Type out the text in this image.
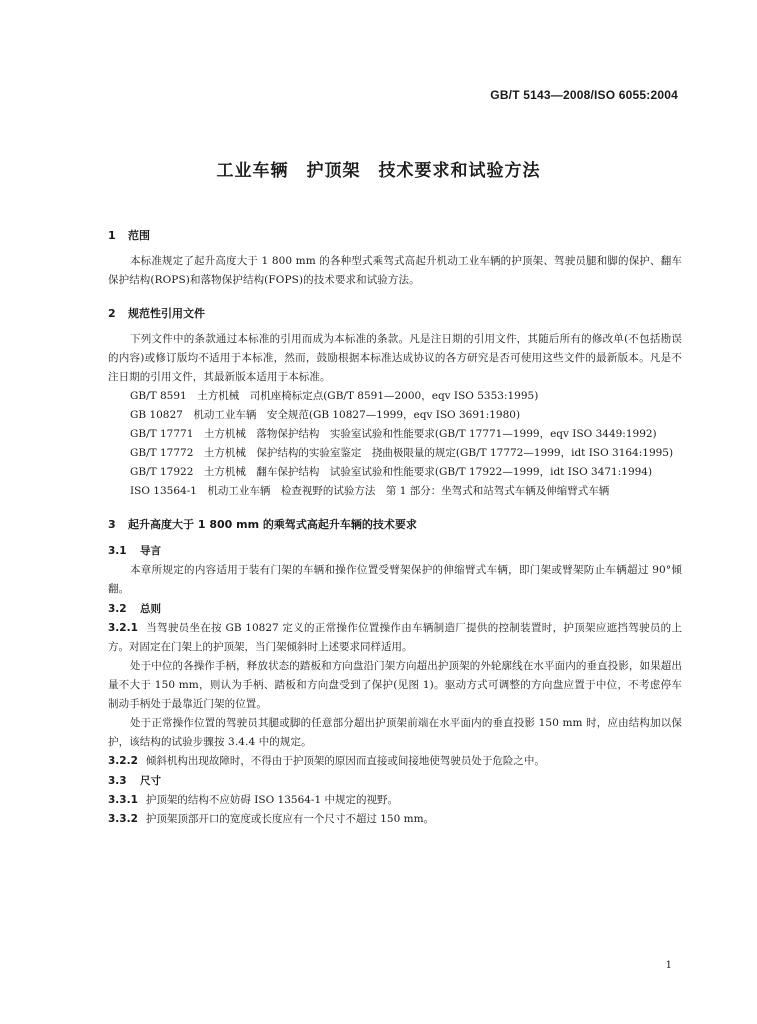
GB/T 5143—2008/ISO 6055:2004
工业车辆　护顶架　技术要求和试验方法
1 范围

本标准规定了起升高度大于 1 800 mm 的各种型式乘驾式高起升机动工业车辆的护顶架、驾驶员腿和脚的保护、翻车保护结构(ROPS)和落物保护结构(FOPS)的技术要求和试验方法。

2 规范性引用文件

下列文件中的条款通过本标准的引用而成为本标准的条款。凡是注日期的引用文件，其随后所有的修改单(不包括勘误的内容)或修订版均不适用于本标准，然而，鼓励根据本标准达成协议的各方研究是否可使用这些文件的最新版本。凡是不注日期的引用文件，其最新版本适用于本标准。

GB/T 8591　土方机械　司机座椅标定点(GB/T 8591—2000，eqv ISO 5353:1995)

GB 10827　机动工业车辆　安全规范(GB 10827—1999，eqv ISO 3691:1980)

GB/T 17771　土方机械　落物保护结构　实验室试验和性能要求(GB/T 17771—1999，eqv ISO 3449:1992)

GB/T 17772　土方机械　保护结构的实验室鉴定　挠曲极限量的规定(GB/T 17772—1999，idt ISO 3164:1995)

GB/T 17922　土方机械　翻车保护结构　试验室试验和性能要求(GB/T 17922—1999，idt ISO 3471:1994)

ISO 13564-1　机动工业车辆　检查视野的试验方法　第 1 部分：坐驾式和站驾式车辆及伸缩臂式车辆

3 起升高度大于 1 800 mm 的乘驾式高起升车辆的技术要求
3.1 导言

本章所规定的内容适用于装有门架的车辆和操作位置受臂架保护的伸缩臂式车辆，即门架或臂架防止车辆超过 90°倾翻。

3.2 总则

3.2.1 当驾驶员坐在按 GB 10827 定义的正常操作位置操作由车辆制造厂提供的控制装置时，护顶架应遮挡驾驶员的上方。对固定在门架上的护顶架，当门架倾斜时上述要求同样适用。

处于中位的各操作手柄，释放状态的踏板和方向盘沿门架方向超出护顶架的外轮廓线在水平面内的垂直投影，如果超出量不大于 150 mm，则认为手柄、踏板和方向盘受到了保护(见图 1)。驱动方式可调整的方向盘应置于中位，不考虑停车制动手柄处于最靠近门架的位置。

处于正常操作位置的驾驶员其腿或脚的任意部分超出护顶架前端在水平面内的垂直投影 150 mm 时，应由结构加以保护，该结构的试验步骤按 3.4.4 中的规定。

3.2.2 倾斜机构出现故障时，不得由于护顶架的原因而直接或间接地使驾驶员处于危险之中。

3.3 尺寸

3.3.1 护顶架的结构不应妨碍 ISO 13564-1 中规定的视野。

3.3.2 护顶架顶部开口的宽度或长度应有一个尺寸不超过 150 mm。

1
